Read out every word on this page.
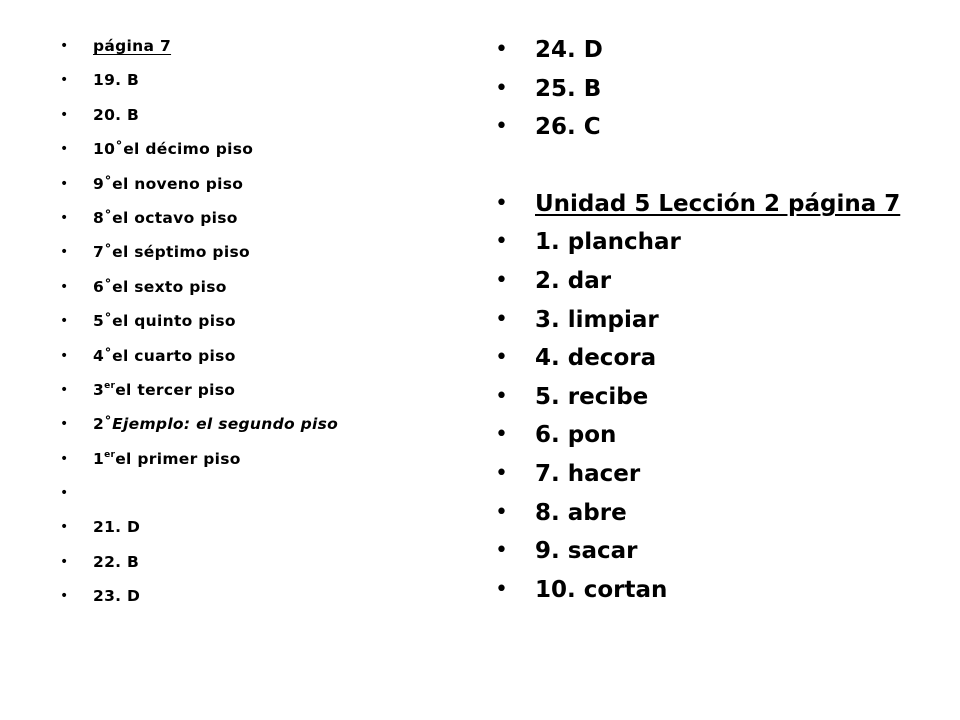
• página 7
• 19. B
• 20. B
• 10˚el décimo piso
• 9˚el noveno piso
• 8˚el octavo piso
• 7˚el séptimo piso
• 6˚el sexto piso
• 5˚el quinto piso
• 4˚el cuarto piso
• 3erel tercer piso
• 2˚Ejemplo: el segundo piso
• 1erel primer piso
•
• 21. D
• 22. B
• 23. D
• 24. D
• 25. B
• 26. C
• Unidad 5 Lección 2 página 7
• 1. planchar
• 2. dar
• 3. limpiar
• 4. decora
• 5. recibe
• 6. pon
• 7. hacer
• 8. abre
• 9. sacar
• 10. cortan
